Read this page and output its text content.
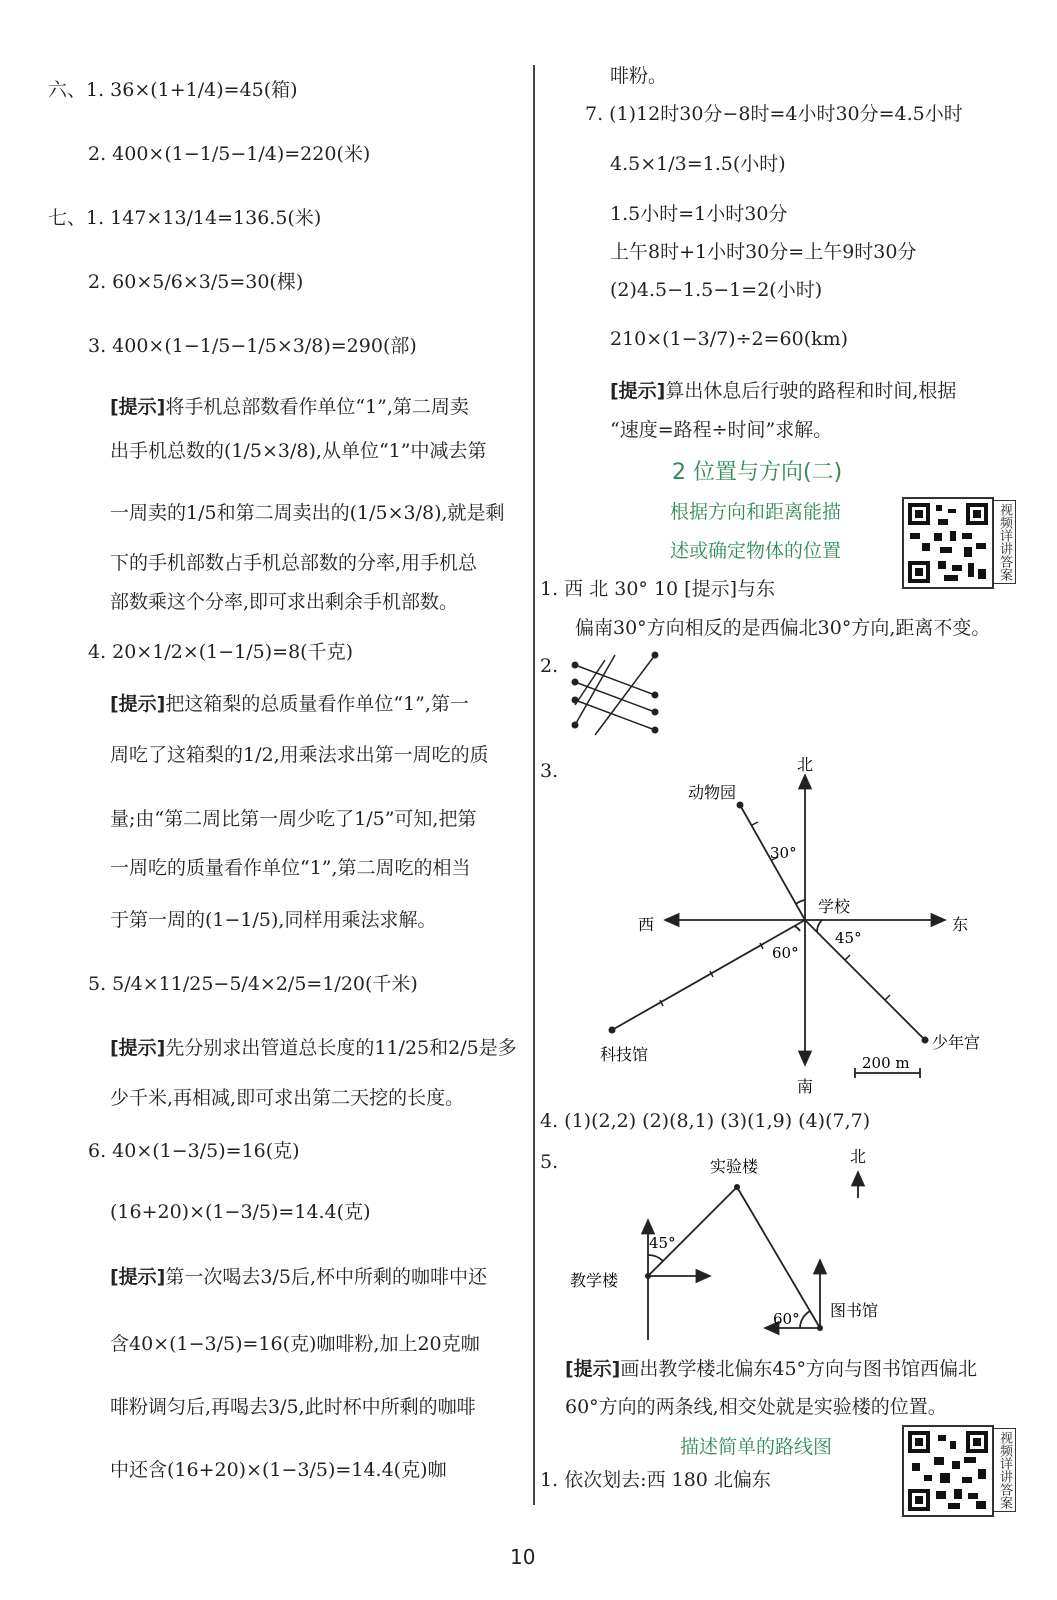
六、1. 36×(1+1/4)=45(箱)
2. 400×(1−1/5−1/4)=220(米)
七、1. 147×13/14=136.5(米)
2. 60×5/6×3/5=30(棵)
3. 400×(1−1/5−1/5×3/8)=290(部)
[提示]将手机总部数看作单位“1”,第二周卖
出手机总数的(1/5×3/8),从单位“1”中减去第
一周卖的1/5和第二周卖出的(1/5×3/8),就是剩
下的手机部数占手机总部数的分率,用手机总
部数乘这个分率,即可求出剩余手机部数。
4. 20×1/2×(1−1/5)=8(千克)
[提示]把这箱梨的总质量看作单位“1”,第一
周吃了这箱梨的1/2,用乘法求出第一周吃的质
量;由“第二周比第一周少吃了1/5”可知,把第
一周吃的质量看作单位“1”,第二周吃的相当
于第一周的(1−1/5),同样用乘法求解。
5. 5/4×11/25−5/4×2/5=1/20(千米)
[提示]先分别求出管道总长度的11/25和2/5是多
少千米,再相减,即可求出第二天挖的长度。
6. 40×(1−3/5)=16(克)
(16+20)×(1−3/5)=14.4(克)
[提示]第一次喝去3/5后,杯中所剩的咖啡中还
含40×(1−3/5)=16(克)咖啡粉,加上20克咖
啡粉调匀后,再喝去3/5,此时杯中所剩的咖啡
中还含(16+20)×(1−3/5)=14.4(克)咖
啡粉。
7. (1)12时30分−8时=4小时30分=4.5小时
4.5×1/3=1.5(小时)
1.5小时=1小时30分
上午8时+1小时30分=上午9时30分
(2)4.5−1.5−1=2(小时)
210×(1−3/7)÷2=60(km)
[提示]算出休息后行驶的路程和时间,根据
“速度=路程÷时间”求解。
2 位置与方向(二)
根据方向和距离能描
述或确定物体的位置	视频详讲答案
1. 西 北 30° 10 [提示]与东
偏南30°方向相反的是西偏北30°方向,距离不变。
2.
3.	北
南
西	东
动物园
学校
科技馆
少年宫
30°
45°
60°
200 m
4. (1)(2,2) (2)(8,1) (3)(1,9) (4)(7,7)
5.	实验楼
北
教学楼
图书馆
45°
60°
[提示]画出教学楼北偏东45°方向与图书馆西偏北
60°方向的两条线,相交处就是实验楼的位置。
描述简单的路线图	视频详讲答案
1. 依次划去:西 180 北偏东
10
